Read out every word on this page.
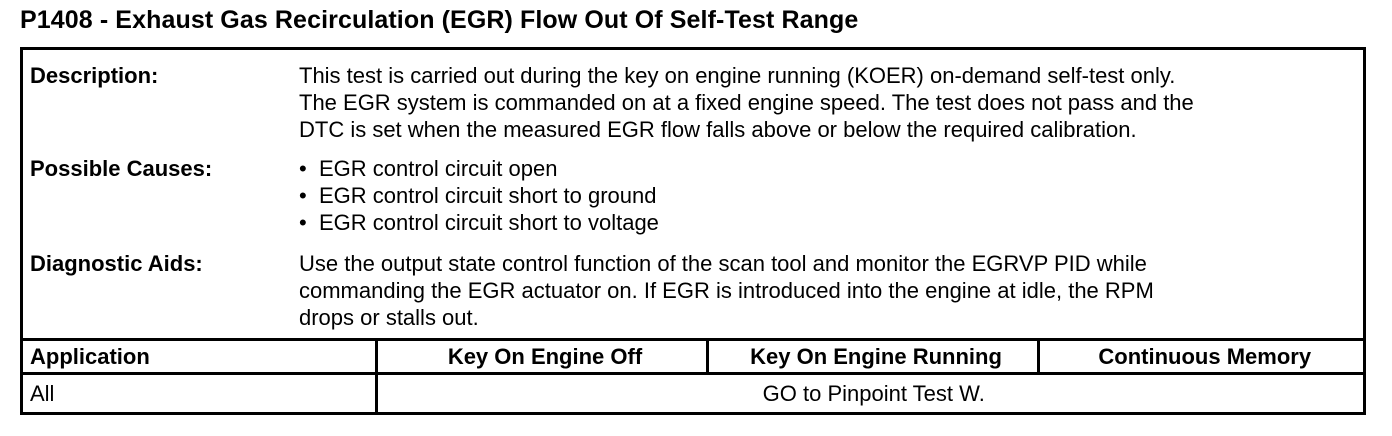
P1408 - Exhaust Gas Recirculation (EGR) Flow Out Of Self-Test Range
Description:	This test is carried out during the key on engine running (KOER) on-demand self-test only.
The EGR system is commanded on at a fixed engine speed. The test does not pass and the
DTC is set when the measured EGR flow falls above or below the required calibration.
Possible Causes:	• EGR control circuit open
• EGR control circuit short to ground
• EGR control circuit short to voltage
Diagnostic Aids:	Use the output state control function of the scan tool and monitor the EGRVP PID while
commanding the EGR actuator on. If EGR is introduced into the engine at idle, the RPM
drops or stalls out.
Application	Key On Engine Off	Key On Engine Running	Continuous Memory
All	GO to Pinpoint Test W.		
